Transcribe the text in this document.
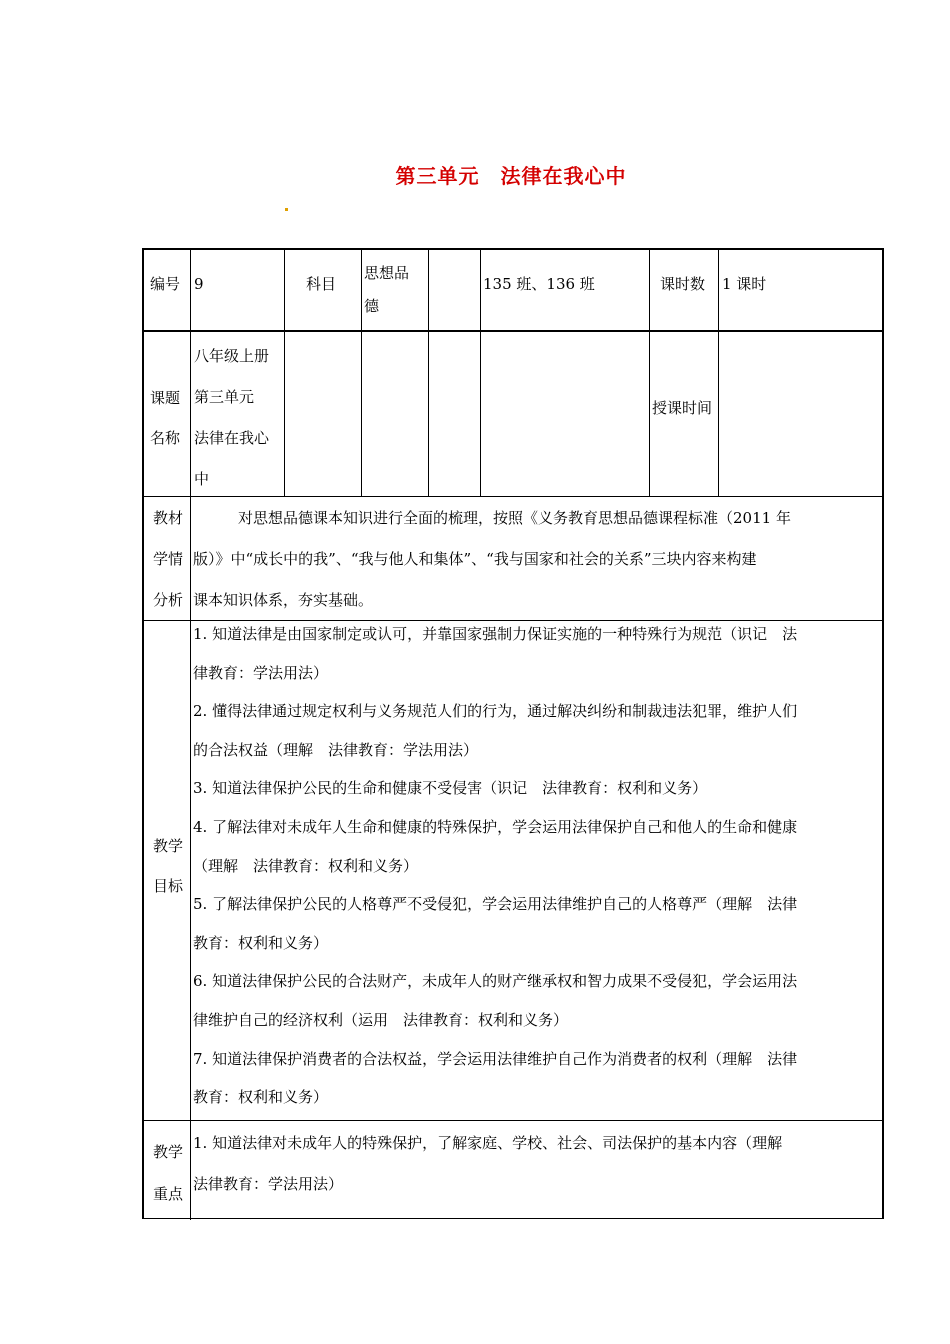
第三单元　法律在我心中
编号 9	科目
思想品
德
135 班、136 班	课时数 1 课时
课题
名称
八年级上册
第三单元
法律在我心
中
授课时间
教材
学情
分析
　　　对思想品德课本知识进行全面的梳理，按照《义务教育思想品德课程标准（2011 年
版）》中“成长中的我”、“我与他人和集体”、“我与国家和社会的关系”三块内容来构建
课本知识体系，夯实基础。
教学
目标
1. 知道法律是由国家制定或认可，并靠国家强制力保证实施的一种特殊行为规范（识记　法
律教育：学法用法）
2. 懂得法律通过规定权利与义务规范人们的行为，通过解决纠纷和制裁违法犯罪，维护人们
的合法权益（理解　法律教育：学法用法）
3. 知道法律保护公民的生命和健康不受侵害（识记　法律教育：权利和义务）
4. 了解法律对未成年人生命和健康的特殊保护，学会运用法律保护自己和他人的生命和健康
（理解　法律教育：权利和义务）
5. 了解法律保护公民的人格尊严不受侵犯，学会运用法律维护自己的人格尊严（理解　法律
教育：权利和义务）
6. 知道法律保护公民的合法财产，未成年人的财产继承权和智力成果不受侵犯，学会运用法
律维护自己的经济权利（运用　法律教育：权利和义务）
7. 知道法律保护消费者的合法权益，学会运用法律维护自己作为消费者的权利（理解　法律
教育：权利和义务）
教学
重点
1. 知道法律对未成年人的特殊保护，了解家庭、学校、社会、司法保护的基本内容（理解
法律教育：学法用法）
